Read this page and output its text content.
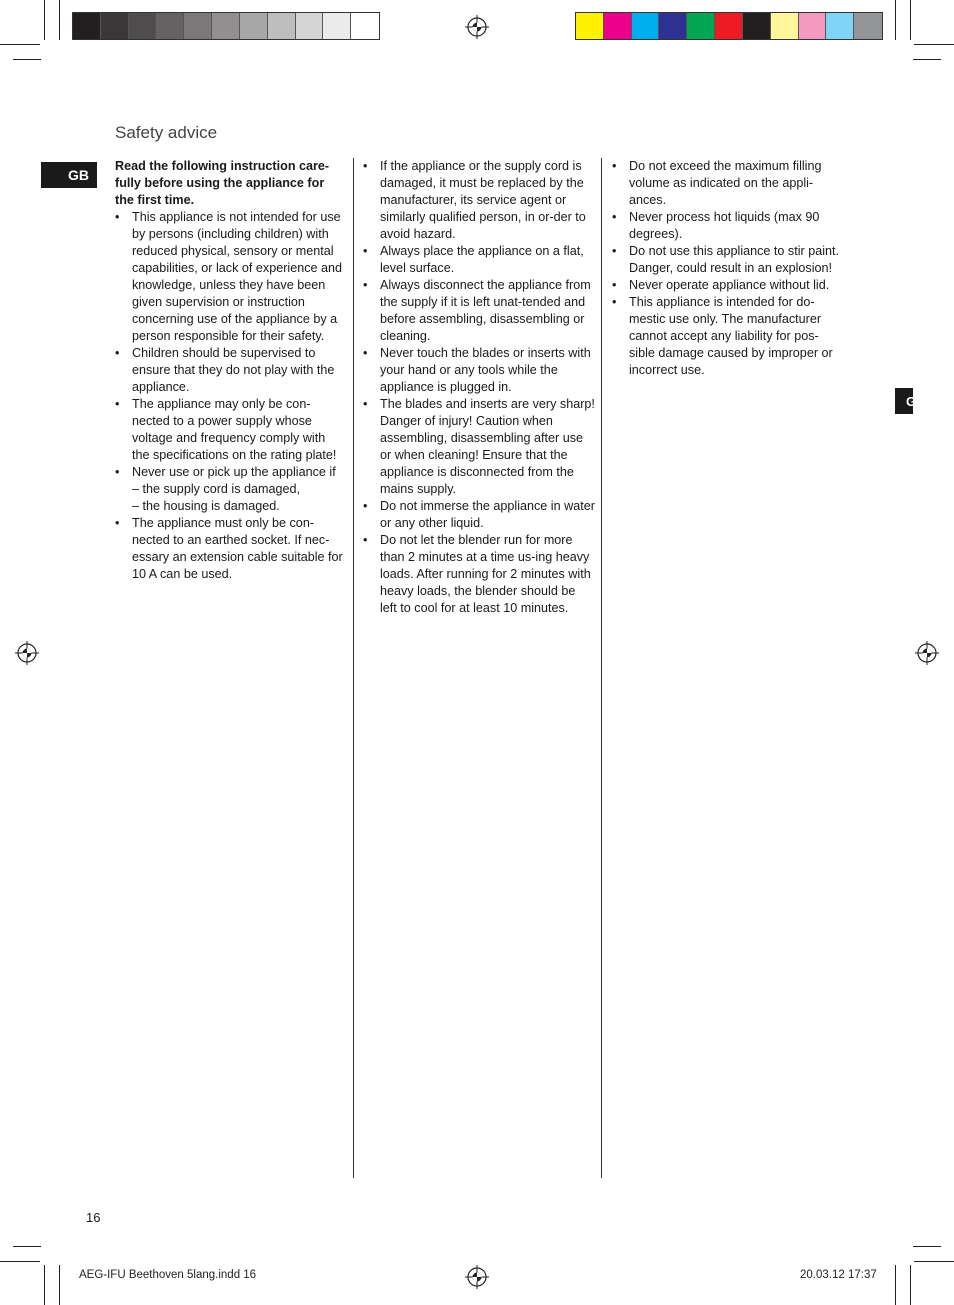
Safety advice
GB
G

Read the following instruction care-fully before using the appliance for the first time.

• This appliance is not intended for use by persons (including children) with reduced physical, sensory or mental capabilities, or lack of experience and knowledge, unless they have been given supervision or instruction concerning use of the appliance by a person responsible for their safety.
• Children should be supervised to ensure that they do not play with the appliance.
• The appliance may only be con-nected to a power supply whose voltage and frequency comply with the specifications on the rating plate!
• Never use or pick up the appliance if
– the supply cord is damaged,
– the housing is damaged.
• The appliance must only be con-nected to an earthed socket. If nec-essary an extension cable suitable for 10 A can be used.
• If the appliance or the supply cord is damaged, it must be replaced by the manufacturer, its service agent or similarly qualified person, in or-der to avoid hazard.
• Always place the appliance on a flat, level surface.
• Always disconnect the appliance from the supply if it is left unat-tended and before assembling, disassembling or cleaning.
• Never touch the blades or inserts with your hand or any tools while the appliance is plugged in.
• The blades and inserts are very sharp! Danger of injury! Caution when assembling, disassembling after use or when cleaning! Ensure that the appliance is disconnected from the mains supply.
• Do not immerse the appliance in water or any other liquid.
• Do not let the blender run for more than 2 minutes at a time us-ing heavy loads. After running for 2 minutes with heavy loads, the blender should be left to cool for at least 10 minutes.
• Do not exceed the maximum filling volume as indicated on the appli-ances.
• Never process hot liquids (max 90 degrees).
• Do not use this appliance to stir paint. Danger, could result in an explosion!
• Never operate appliance without lid.
• This appliance is intended for do-mestic use only. The manufacturer cannot accept any liability for pos-sible damage caused by improper or incorrect use.
16
AEG-IFU Beethoven 5lang.indd 16	20.03.12 17:37
